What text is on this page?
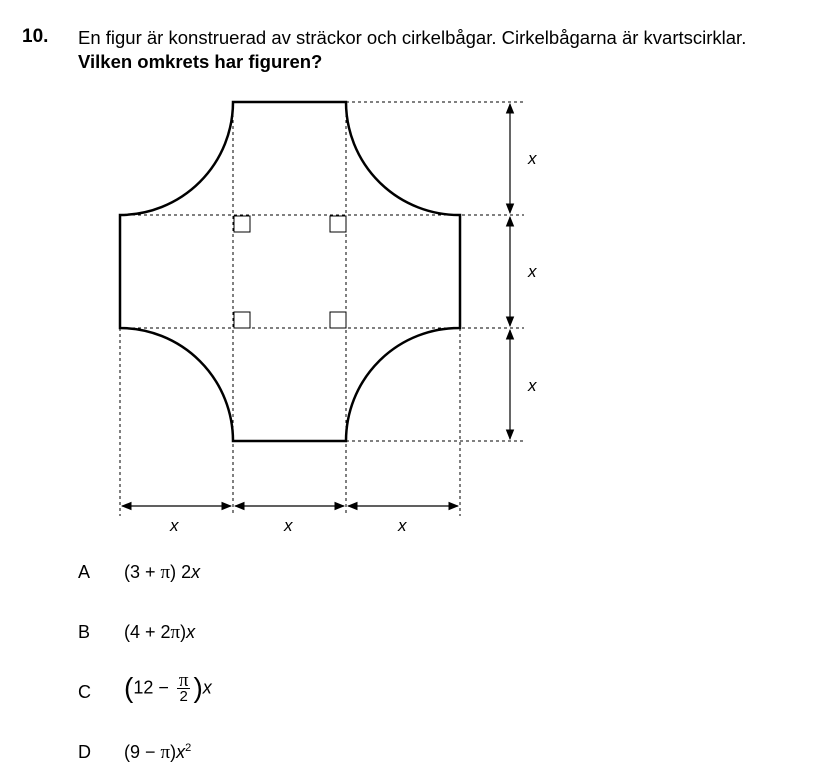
10. En figur är konstruerad av sträckor och cirkelbågar. Cirkelbågarna är kvartscirklar.
Vilken omkrets har figuren?
x
x
x
x	x	x
A (3 + π) 2x
B (4 + 2π)x
C $(12 - \frac{\pi}{2} )x$
D $(9 - \pi)x^2$
